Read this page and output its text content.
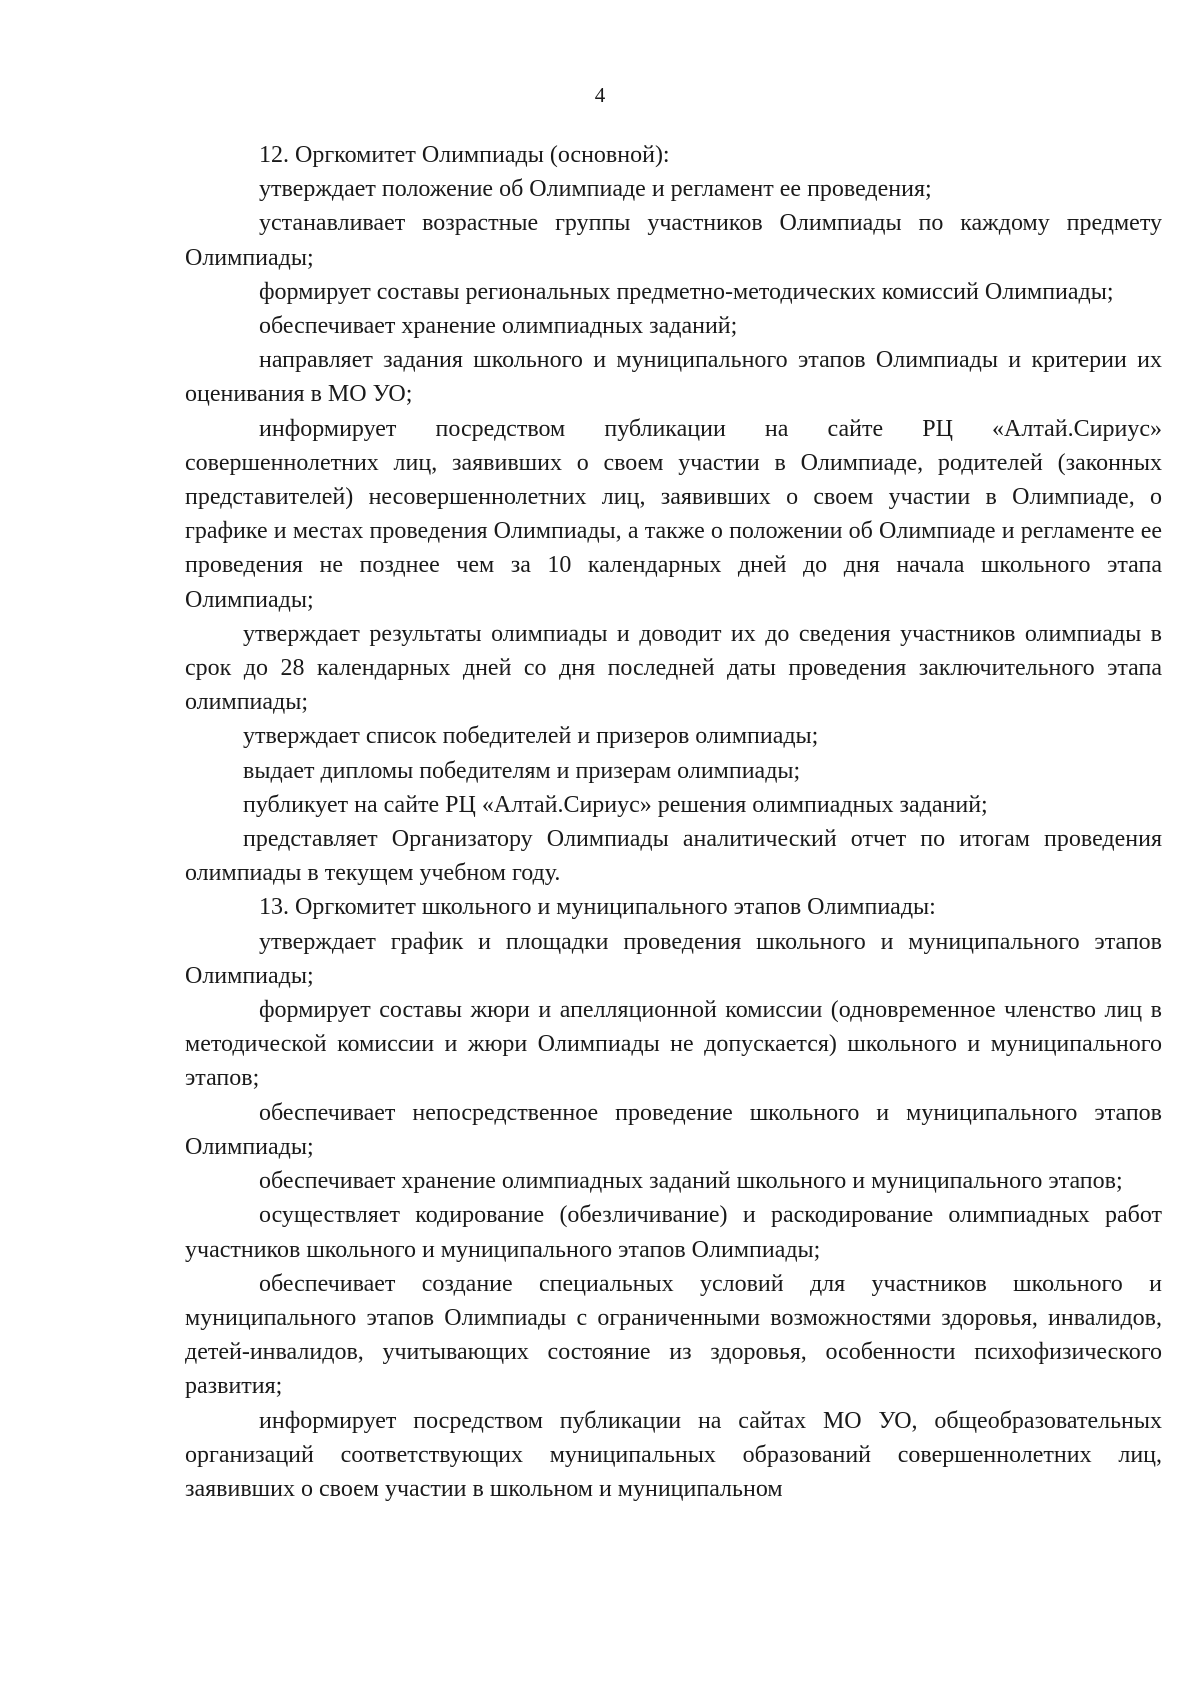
4

12. Оргкомитет Олимпиады (основной):

утверждает положение об Олимпиаде и регламент ее проведения;

устанавливает возрастные группы участников Олимпиады по каждому предмету Олимпиады;

формирует составы региональных предметно-методических комиссий Олимпиады;

обеспечивает хранение олимпиадных заданий;

направляет задания школьного и муниципального этапов Олимпиады и критерии их оценивания в МО УО;

информирует посредством публикации на сайте РЦ «Алтай.Сириус» совершеннолетних лиц, заявивших о своем участии в Олимпиаде, родителей (законных представителей) несовершеннолетних лиц, заявивших о своем участии в Олимпиаде, о графике и местах проведения Олимпиады, а также о положении об Олимпиаде и регламенте ее проведения не позднее чем за 10 календарных дней до дня начала школьного этапа Олимпиады;

утверждает результаты олимпиады и доводит их до сведения участников олимпиады в срок до 28 календарных дней со дня последней даты проведения заключительного этапа олимпиады;

утверждает список победителей и призеров олимпиады;

выдает дипломы победителям и призерам олимпиады;

публикует на сайте РЦ «Алтай.Сириус» решения олимпиадных заданий;

представляет Организатору Олимпиады аналитический отчет по итогам проведения олимпиады в текущем учебном году.

13. Оргкомитет школьного и муниципального этапов Олимпиады:

утверждает график и площадки проведения школьного и муниципального этапов Олимпиады;

формирует составы жюри и апелляционной комиссии (одновременное членство лиц в методической комиссии и жюри Олимпиады не допускается) школьного и муниципального этапов;

обеспечивает непосредственное проведение школьного и муниципального этапов Олимпиады;

обеспечивает хранение олимпиадных заданий школьного и муниципального этапов;

осуществляет кодирование (обезличивание) и раскодирование олимпиадных работ участников школьного и муниципального этапов Олимпиады;

обеспечивает создание специальных условий для участников школьного и муниципального этапов Олимпиады с ограниченными возможностями здоровья, инвалидов, детей-инвалидов, учитывающих состояние из здоровья, особенности психофизического развития;

информирует посредством публикации на сайтах МО УО, общеобразовательных организаций соответствующих муниципальных образований совершеннолетних лиц, заявивших о своем участии в школьном и муниципальном
